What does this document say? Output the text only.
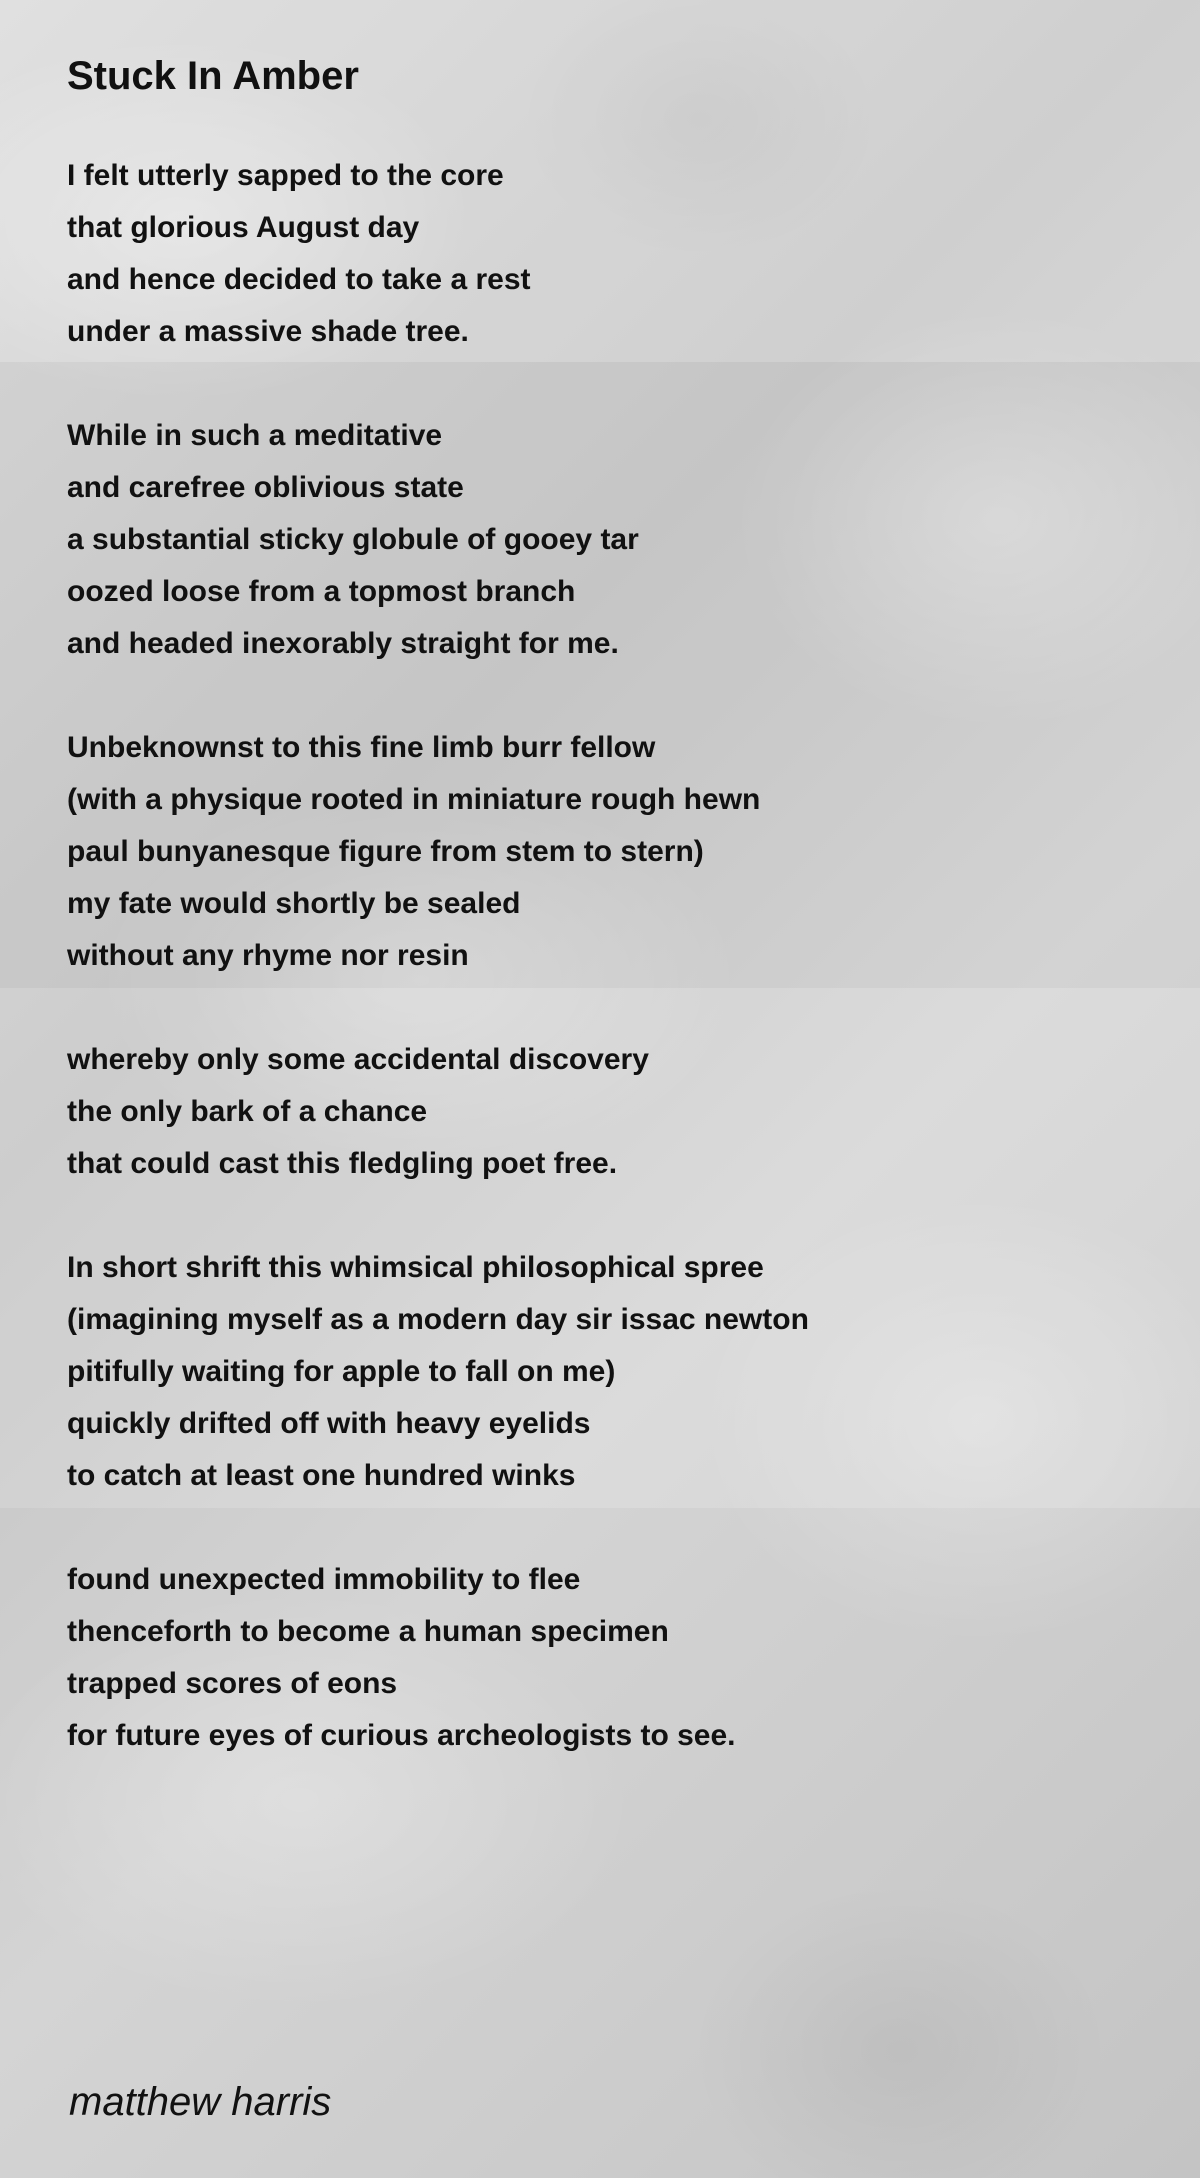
Stuck In Amber
I felt utterly sapped to the core
that glorious August day
and hence decided to take a rest
under a massive shade tree.
While in such a meditative
and carefree oblivious state
a substantial sticky globule of gooey tar
oozed loose from a topmost branch
and headed inexorably straight for me.
Unbeknownst to this fine limb burr fellow
(with a physique rooted in miniature rough hewn
paul bunyanesque figure from stem to stern)
my fate would shortly be sealed
without any rhyme nor resin
whereby only some accidental discovery
the only bark of a chance
that could cast this fledgling poet free.
In short shrift this whimsical philosophical spree
(imagining myself as a modern day sir issac newton
pitifully waiting for apple to fall on me)
quickly drifted off with heavy eyelids
to catch at least one hundred winks
found unexpected immobility to flee
thenceforth to become a human specimen
trapped scores of eons
for future eyes of curious archeologists to see.
matthew harris
